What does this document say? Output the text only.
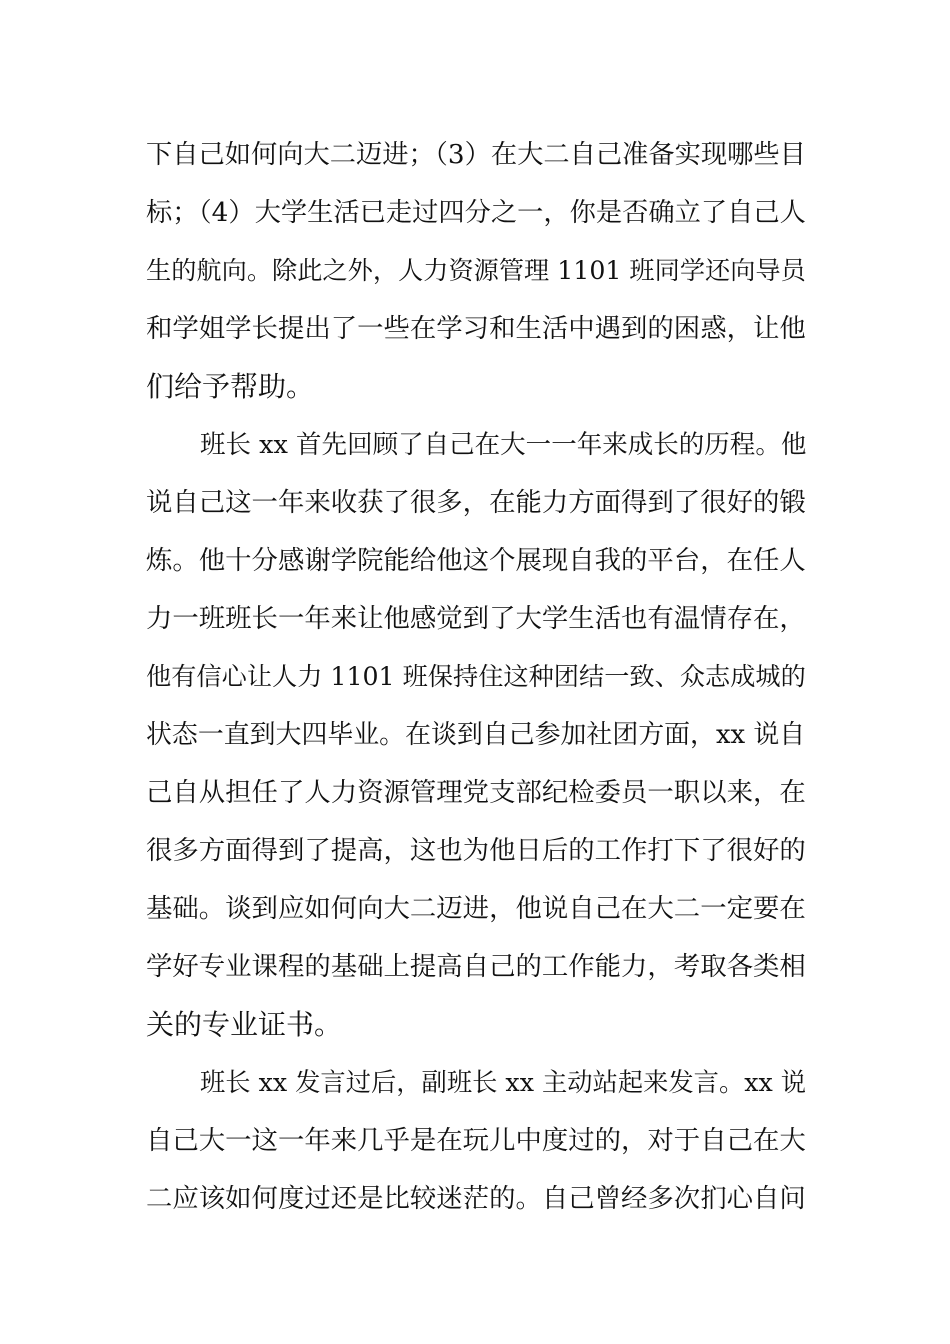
下自己如何向大二迈进；（3）在大二自己准备实现哪些目
标；（4）大学生活已走过四分之一，你是否确立了自己人
生的航向。除此之外，人力资源管理 1101 班同学还向导员
和学姐学长提出了一些在学习和生活中遇到的困惑，让他
们给予帮助。
班长 xx 首先回顾了自己在大一一年来成长的历程。他
说自己这一年来收获了很多，在能力方面得到了很好的锻
炼。他十分感谢学院能给他这个展现自我的平台，在任人
力一班班长一年来让他感觉到了大学生活也有温情存在，
他有信心让人力 1101 班保持住这种团结一致、众志成城的
状态一直到大四毕业。在谈到自己参加社团方面，xx 说自
己自从担任了人力资源管理党支部纪检委员一职以来，在
很多方面得到了提高，这也为他日后的工作打下了很好的
基础。谈到应如何向大二迈进，他说自己在大二一定要在
学好专业课程的基础上提高自己的工作能力，考取各类相
关的专业证书。
班长 xx 发言过后，副班长 xx 主动站起来发言。xx 说
自己大一这一年来几乎是在玩儿中度过的，对于自己在大
二应该如何度过还是比较迷茫的。自己曾经多次扪心自问
